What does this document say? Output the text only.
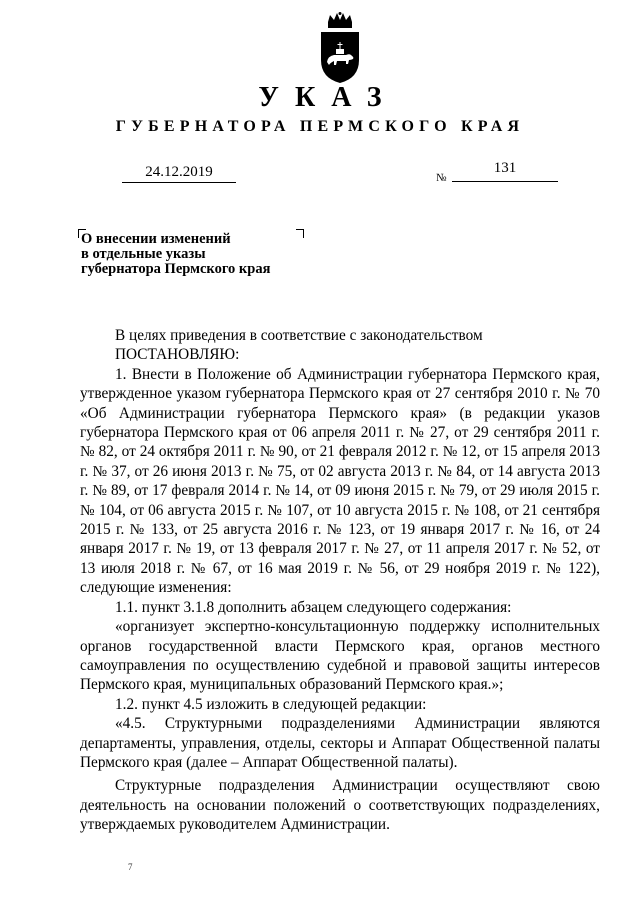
УКАЗ
ГУБЕРНАТОРА ПЕРМСКОГО КРАЯ
24.12.2019	№
131
О внесении изменений
в отдельные указы
губернатора Пермского края

В целях приведения в соответствие с законодательством

ПОСТАНОВЛЯЮ:

1. Внести в Положение об Администрации губернатора Пермского края, утвержденное указом губернатора Пермского края от 27 сентября 2010 г. № 70 «Об Администрации губернатора Пермского края» (в редакции указов губернатора Пермского края от 06 апреля 2011 г. № 27, от 29 сентября 2011 г. № 82, от 24 октября 2011 г. № 90, от 21 февраля 2012 г. № 12, от 15 апреля 2013 г. № 37, от 26 июня 2013 г. № 75, от 02 августа 2013 г. № 84, от 14 августа 2013 г. № 89, от 17 февраля 2014 г. № 14, от 09 июня 2015 г. № 79, от 29 июля 2015 г. № 104, от 06 августа 2015 г. № 107, от 10 августа 2015 г. № 108, от 21 сентября 2015 г. № 133, от 25 августа 2016 г. № 123, от 19 января 2017 г. № 16, от 24 января 2017 г. № 19, от 13 февраля 2017 г. № 27, от 11 апреля 2017 г. № 52, от 13 июля 2018 г. № 67, от 16 мая 2019 г. № 56, от 29 ноября 2019 г. № 122), следующие изменения:

1.1. пункт 3.1.8 дополнить абзацем следующего содержания:

«организует экспертно-консультационную поддержку исполнительных органов государственной власти Пермского края, органов местного самоуправления по осуществлению судебной и правовой защиты интересов Пермского края, муниципальных образований Пермского края.»;

1.2. пункт 4.5 изложить в следующей редакции:

«4.5. Структурными подразделениями Администрации являются департаменты, управления, отделы, секторы и Аппарат Общественной палаты Пермского края (далее – Аппарат Общественной палаты).

Структурные подразделения Администрации осуществляют свою деятельность на основании положений о соответствующих подразделениях, утверждаемых руководителем Администрации.

7
